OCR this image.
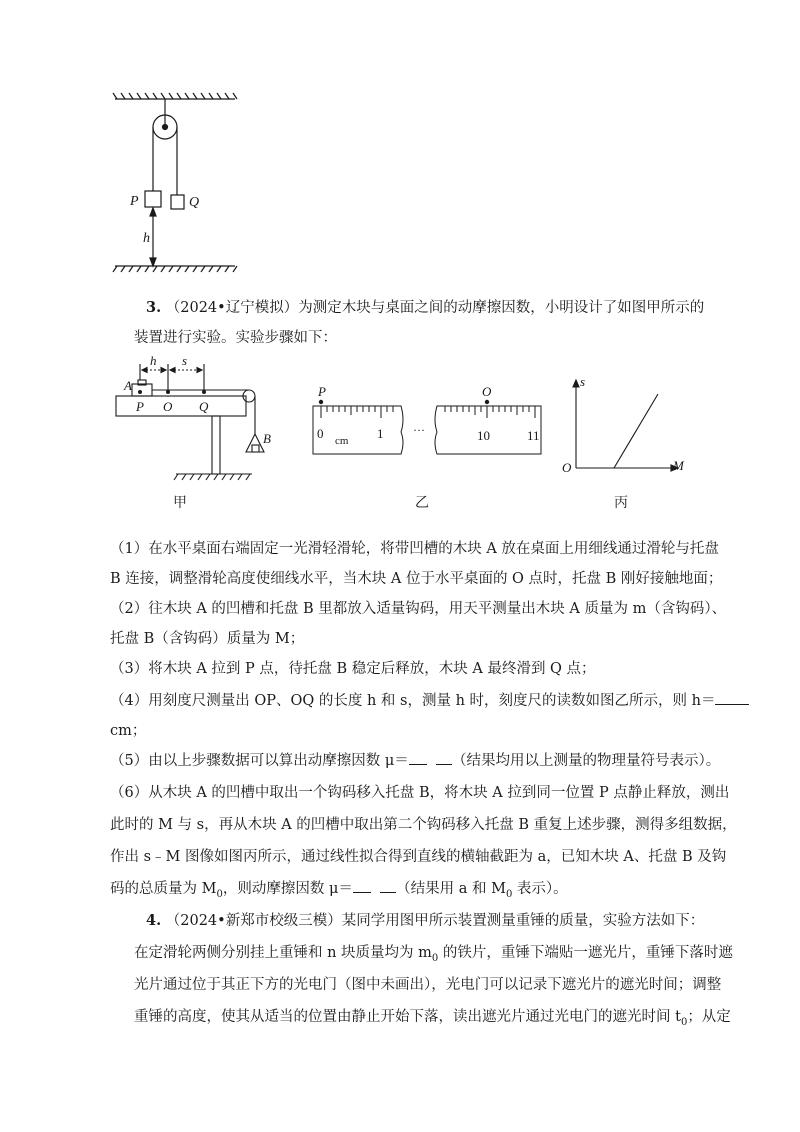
P	Q
h
3. （2024•辽宁模拟）为测定木块与桌面之间的动摩擦因数，小明设计了如图甲所示的
装置进行实验。实验步骤如下：
A
h s
P O Q
B
甲
P	O
0 cm 1 ···	10	11
乙
s
M
O
丙
（1）在水平桌面右端固定一光滑轻滑轮，将带凹槽的木块 A 放在桌面上用细线通过滑轮与托盘
B 连接，调整滑轮高度使细线水平，当木块 A 位于水平桌面的 O 点时，托盘 B 刚好接触地面；
（2）往木块 A 的凹槽和托盘 B 里都放入适量钩码，用天平测量出木块 A 质量为 m（含钩码）、
托盘 B（含钩码）质量为 M；
（3）将木块 A 拉到 P 点，待托盘 B 稳定后释放，木块 A 最终滑到 Q 点；
（4）用刻度尺测量出 OP、OQ 的长度 h 和 s，测量 h 时，刻度尺的读数如图乙所示，则 h＝
cm；
（5）由以上步骤数据可以算出动摩擦因数 μ＝	（结果均用以上测量的物理量符号表示）。
（6）从木块 A 的凹槽中取出一个钩码移入托盘 B，将木块 A 拉到同一位置 P 点静止释放，测出
此时的 M 与 s，再从木块 A 的凹槽中取出第二个钩码移入托盘 B 重复上述步骤，测得多组数据，
作出 s﹣M 图像如图丙所示，通过线性拟合得到直线的横轴截距为 a，已知木块 A、托盘 B 及钩
码的总质量为 $M_0$，则动摩擦因数 μ＝	（结果用 a 和 $M_0$ 表示）。
4. （2024•新郑市校级三模）某同学用图甲所示装置测量重锤的质量，实验方法如下：
在定滑轮两侧分别挂上重锤和 n 块质量均为 $m_0$ 的铁片，重锤下端贴一遮光片，重锤下落时遮
光片通过位于其正下方的光电门（图中未画出），光电门可以记录下遮光片的遮光时间；调整
重锤的高度，使其从适当的位置由静止开始下落，读出遮光片通过光电门的遮光时间 $t_0$；从定
